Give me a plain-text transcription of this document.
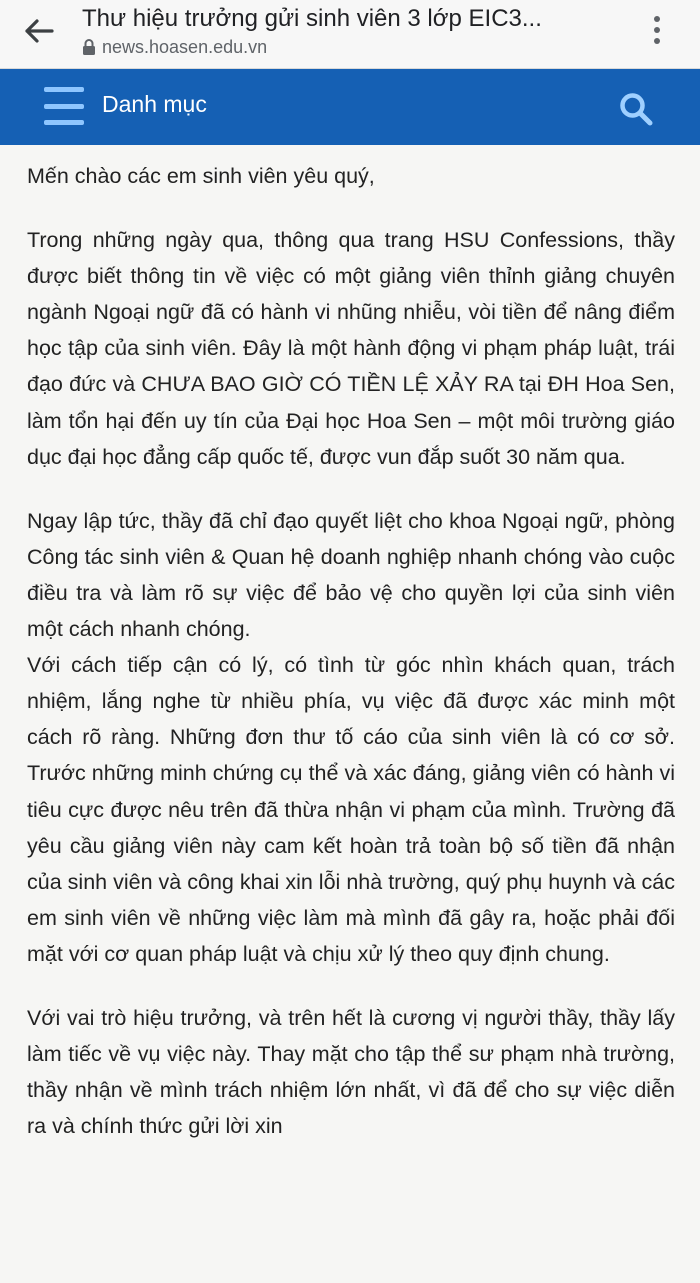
Thư hiệu trưởng gửi sinh viên 3 lớp EIC3...
news.hoasen.edu.vn
Danh mục

Mến chào các em sinh viên yêu quý,

Trong những ngày qua, thông qua trang HSU Confessions, thầy được biết thông tin về việc có một giảng viên thỉnh giảng chuyên ngành Ngoại ngữ đã có hành vi nhũng nhiễu, vòi tiền để nâng điểm học tập của sinh viên. Đây là một hành động vi phạm pháp luật, trái đạo đức và CHƯA BAO GIỜ CÓ TIỀN LỆ XẢY RA tại ĐH Hoa Sen, làm tổn hại đến uy tín của Đại học Hoa Sen – một môi trường giáo dục đại học đẳng cấp quốc tế, được vun đắp suốt 30 năm qua.

Ngay lập tức, thầy đã chỉ đạo quyết liệt cho khoa Ngoại ngữ, phòng Công tác sinh viên & Quan hệ doanh nghiệp nhanh chóng vào cuộc điều tra và làm rõ sự việc để bảo vệ cho quyền lợi của sinh viên một cách nhanh chóng.

Với cách tiếp cận có lý, có tình từ góc nhìn khách quan, trách nhiệm, lắng nghe từ nhiều phía, vụ việc đã được xác minh một cách rõ ràng. Những đơn thư tố cáo của sinh viên là có cơ sở. Trước những minh chứng cụ thể và xác đáng, giảng viên có hành vi tiêu cực được nêu trên đã thừa nhận vi phạm của mình. Trường đã yêu cầu giảng viên này cam kết hoàn trả toàn bộ số tiền đã nhận của sinh viên và công khai xin lỗi nhà trường, quý phụ huynh và các em sinh viên về những việc làm mà mình đã gây ra, hoặc phải đối mặt với cơ quan pháp luật và chịu xử lý theo quy định chung.

Với vai trò hiệu trưởng, và trên hết là cương vị người thầy, thầy lấy làm tiếc về vụ việc này. Thay mặt cho tập thể sư phạm nhà trường, thầy nhận về mình trách nhiệm lớn nhất, vì đã để cho sự việc diễn ra và chính thức gửi lời xin
